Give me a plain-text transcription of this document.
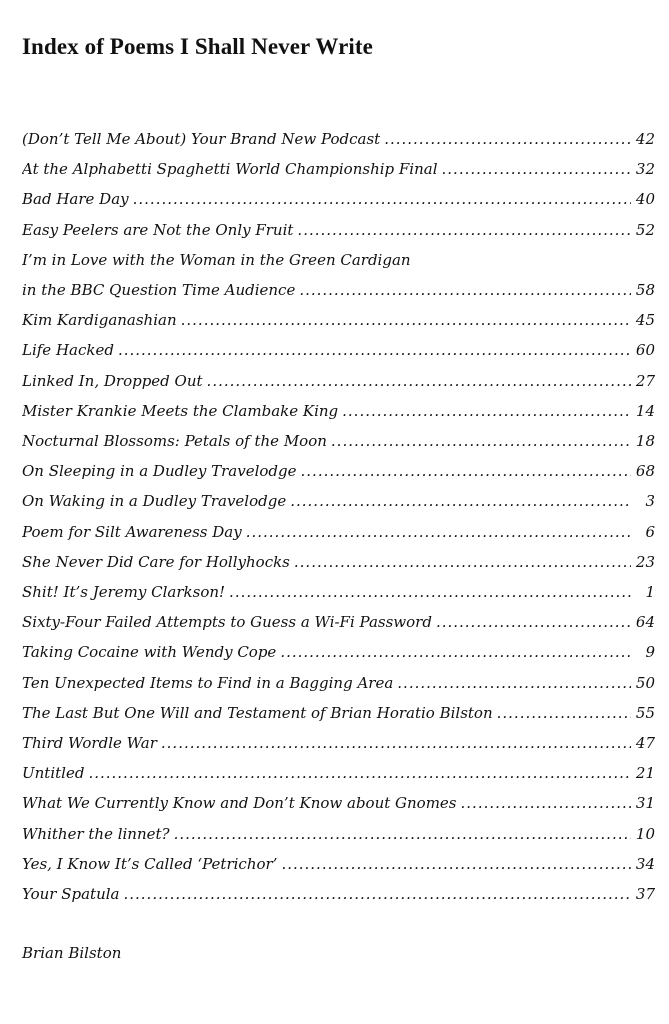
Index of Poems I Shall Never Write
(Don’t Tell Me About) Your Brand New Podcast .....	42
At the Alphabetti Spaghetti World Championship Final .....	32
Bad Hare Day .....	40
Easy Peelers are Not the Only Fruit .....	52
I’m in Love with the Woman in the Green Cardigan
in the BBC Question Time Audience .....	58
Kim Kardiganashian .....	45
Life Hacked .....	60
Linked In, Dropped Out .....	27
Mister Krankie Meets the Clambake King .....	14
Nocturnal Blossoms: Petals of the Moon .....	18
On Sleeping in a Dudley Travelodge .....	68
On Waking in a Dudley Travelodge .....	3
Poem for Silt Awareness Day .....	6
She Never Did Care for Hollyhocks .....	23
Shit! It’s Jeremy Clarkson! .....	1
Sixty-Four Failed Attempts to Guess a Wi-Fi Password .....	64
Taking Cocaine with Wendy Cope .....	9
Ten Unexpected Items to Find in a Bagging Area .....	50
The Last But One Will and Testament of Brian Horatio Bilston .....	55
Third Wordle War .....	47
Untitled .....	21
What We Currently Know and Don’t Know about Gnomes .....	31
Whither the linnet? .....	10
Yes, I Know It’s Called ‘Petrichor’ .....	34
Your Spatula .....	37

Brian Bilston
